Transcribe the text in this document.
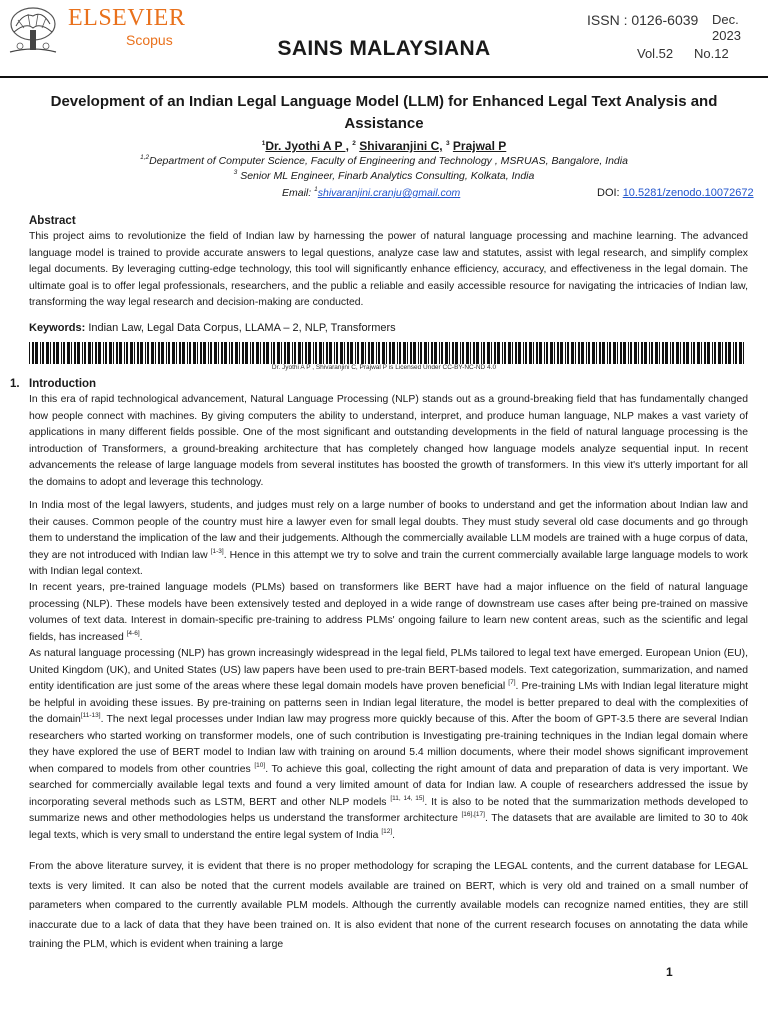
ELSEVIER
Scopus
ISSN : 0126-6039 Dec. 2023
SAINS MALAYSIANA	Vol.52 No.12
Development of an Indian Legal Language Model (LLM) for Enhanced Legal Text Analysis and Assistance
$^1$Dr. Jyothi A P , $^2$ Shivaranjini C, $^3$ Prajwal P
$^{1,2}$Department of Computer Science, Faculty of Engineering and Technology , MSRUAS, Bangalore, India
$^3$ Senior ML Engineer, Finarb Analytics Consulting, Kolkata, India
Email: $^1$shivaranjini.cranju@gmail.com	DOI: 10.5281/zenodo.10072672
Abstract

This project aims to revolutionize the field of Indian law by harnessing the power of natural language processing and machine learning. The advanced language model is trained to provide accurate answers to legal questions, analyze case law and statutes, assist with legal research, and simplify complex legal documents. By leveraging cutting-edge technology, this tool will significantly enhance efficiency, accuracy, and effectiveness in the legal domain. The ultimate goal is to offer legal professionals, researchers, and the public a reliable and easily accessible resource for navigating the intricacies of Indian law, transforming the way legal research and decision-making are conducted.

Keywords: Indian Law, Legal Data Corpus, LLAMA – 2, NLP, Transformers
Dr. Jyothi A P , Shivaranjini C, Prajwal P is Licensed Under CC-BY-NC-ND 4.0
1. Introduction

In this era of rapid technological advancement, Natural Language Processing (NLP) stands out as a ground-breaking field that has fundamentally changed how people connect with machines. By giving computers the ability to understand, interpret, and produce human language, NLP makes a vast variety of applications in many different fields possible. One of the most significant and outstanding developments in the field of natural language processing is the introduction of Transformers, a ground-breaking architecture that has completely changed how language models analyze sequential input. In recent advancements the release of large language models from several institutes has boosted the growth of transformers. In this view it's utterly important for all the domains to adopt and leverage this technology.

In India most of the legal lawyers, students, and judges must rely on a large number of books to understand and get the information about Indian law and their causes. Common people of the country must hire a lawyer even for small legal doubts. They must study several old case documents and go through them to understand the implication of the law and their judgements. Although the commercially available LLM models are trained with a huge corpus of data, they are not introduced with Indian law [1-3]. Hence in this attempt we try to solve and train the current commercially available large language models to work with Indian legal context.

In recent years, pre-trained language models (PLMs) based on transformers like BERT have had a major influence on the field of natural language processing (NLP). These models have been extensively tested and deployed in a wide range of downstream use cases after being pre-trained on massive volumes of text data. Interest in domain-specific pre-training to address PLMs' ongoing failure to learn new content areas, such as the scientific and legal fields, has increased [4-6].

As natural language processing (NLP) has grown increasingly widespread in the legal field, PLMs tailored to legal text have emerged. European Union (EU), United Kingdom (UK), and United States (US) law papers have been used to pre-train BERT-based models. Text categorization, summarization, and named entity identification are just some of the areas where these legal domain models have proven beneficial [7]. Pre-training LMs with Indian legal literature might be helpful in avoiding these issues. By pre-training on patterns seen in Indian legal literature, the model is better prepared to deal with the complexities of the domain[11-13]. The next legal processes under Indian law may progress more quickly because of this. After the boom of GPT-3.5 there are several Indian researchers who started working on transformer models, one of such contribution is Investigating pre-training techniques in the Indian legal domain where they have explored the use of BERT model to Indian law with training on around 5.4 million documents, where their model shows significant improvement when compared to models from other countries [10]. To achieve this goal, collecting the right amount of data and preparation of data is very important. We searched for commercially available legal texts and found a very limited amount of data for Indian law. A couple of researchers addressed the issue by incorporating several methods such as LSTM, BERT and other NLP models [11, 14, 15]. It is also to be noted that the summarization methods developed to summarize news and other methodologies helps us understand the transformer architecture [16],[17]. The datasets that are available are limited to 30 to 40k legal texts, which is very small to understand the entire legal system of India [12].

From the above literature survey, it is evident that there is no proper methodology for scraping the LEGAL contents, and the current database for LEGAL texts is very limited. It can also be noted that the current models available are trained on BERT, which is very old and trained on a small number of parameters when compared to the currently available PLM models. Although the currently available models can recognize named entities, they are still inaccurate due to a lack of data that they have been trained on. It is also evident that none of the current research focuses on annotating the data while training the PLM, which is evident when training a large

1
